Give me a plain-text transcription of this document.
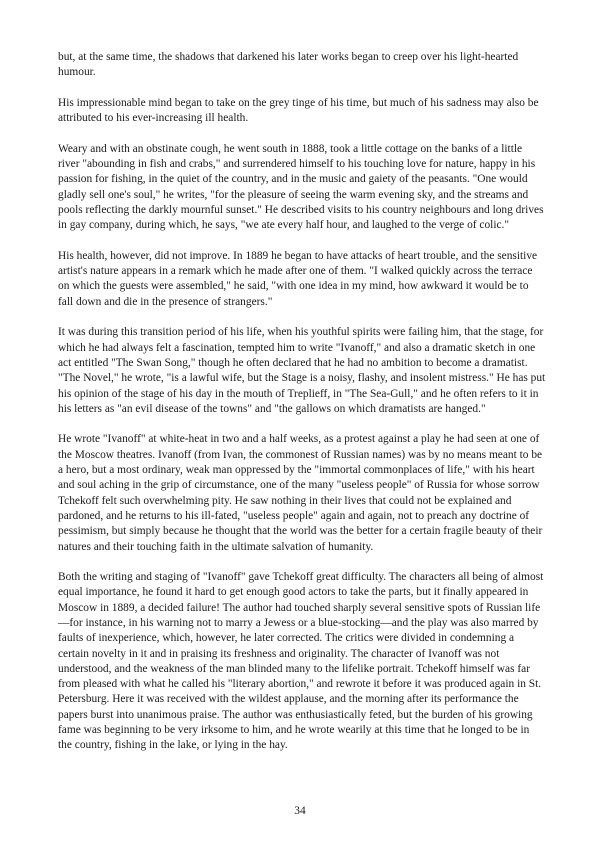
but, at the same time, the shadows that darkened his later works began to creep over his light-hearted humour.

His impressionable mind began to take on the grey tinge of his time, but much of his sadness may also be attributed to his ever-increasing ill health.

Weary and with an obstinate cough, he went south in 1888, took a little cottage on the banks of a little river "abounding in fish and crabs," and surrendered himself to his touching love for nature, happy in his passion for fishing, in the quiet of the country, and in the music and gaiety of the peasants. "One would gladly sell one's soul," he writes, "for the pleasure of seeing the warm evening sky, and the streams and pools reflecting the darkly mournful sunset." He described visits to his country neighbours and long drives in gay company, during which, he says, "we ate every half hour, and laughed to the verge of colic."

His health, however, did not improve. In 1889 he began to have attacks of heart trouble, and the sensitive artist's nature appears in a remark which he made after one of them. "I walked quickly across the terrace on which the guests were assembled," he said, "with one idea in my mind, how awkward it would be to fall down and die in the presence of strangers."

It was during this transition period of his life, when his youthful spirits were failing him, that the stage, for which he had always felt a fascination, tempted him to write "Ivanoff," and also a dramatic sketch in one act entitled "The Swan Song," though he often declared that he had no ambition to become a dramatist. "The Novel," he wrote, "is a lawful wife, but the Stage is a noisy, flashy, and insolent mistress." He has put his opinion of the stage of his day in the mouth of Treplieff, in "The Sea-Gull," and he often refers to it in his letters as "an evil disease of the towns" and "the gallows on which dramatists are hanged."

He wrote "Ivanoff" at white-heat in two and a half weeks, as a protest against a play he had seen at one of the Moscow theatres. Ivanoff (from Ivan, the commonest of Russian names) was by no means meant to be a hero, but a most ordinary, weak man oppressed by the "immortal commonplaces of life," with his heart and soul aching in the grip of circumstance, one of the many "useless people" of Russia for whose sorrow Tchekoff felt such overwhelming pity. He saw nothing in their lives that could not be explained and pardoned, and he returns to his ill-fated, "useless people" again and again, not to preach any doctrine of pessimism, but simply because he thought that the world was the better for a certain fragile beauty of their natures and their touching faith in the ultimate salvation of humanity.

Both the writing and staging of "Ivanoff" gave Tchekoff great difficulty. The characters all being of almost equal importance, he found it hard to get enough good actors to take the parts, but it finally appeared in Moscow in 1889, a decided failure! The author had touched sharply several sensitive spots of Russian life—for instance, in his warning not to marry a Jewess or a blue-stocking—and the play was also marred by faults of inexperience, which, however, he later corrected. The critics were divided in condemning a certain novelty in it and in praising its freshness and originality. The character of Ivanoff was not understood, and the weakness of the man blinded many to the lifelike portrait. Tchekoff himself was far from pleased with what he called his "literary abortion," and rewrote it before it was produced again in St. Petersburg. Here it was received with the wildest applause, and the morning after its performance the papers burst into unanimous praise. The author was enthusiastically feted, but the burden of his growing fame was beginning to be very irksome to him, and he wrote wearily at this time that he longed to be in the country, fishing in the lake, or lying in the hay.

34
